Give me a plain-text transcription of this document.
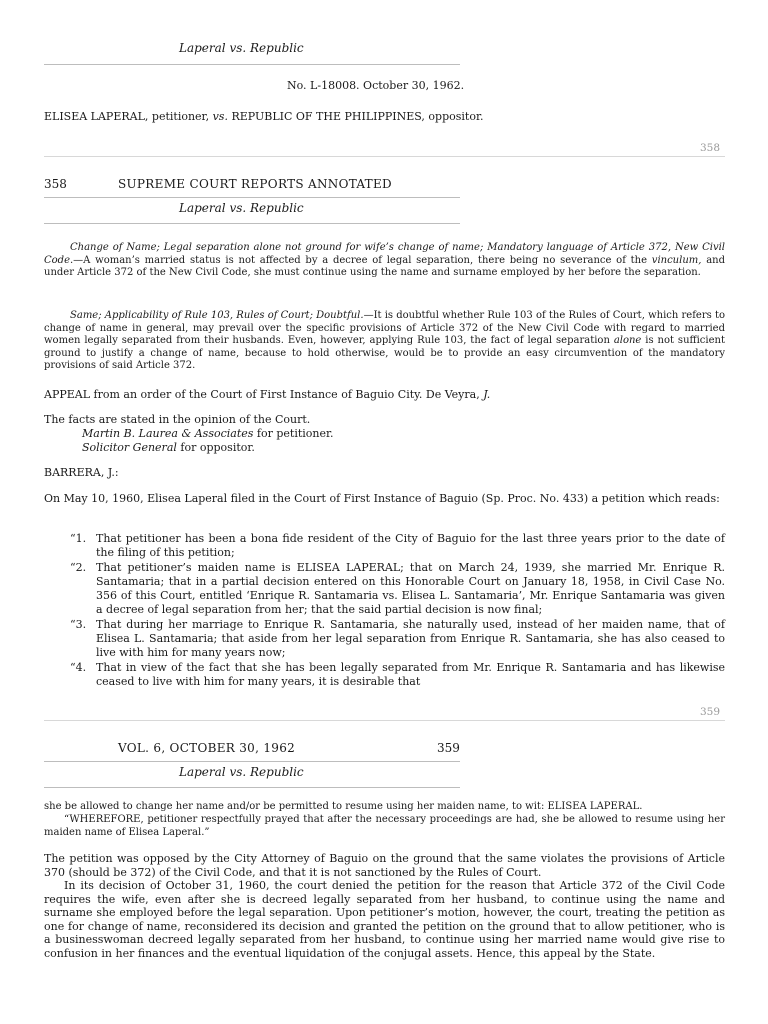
Laperal vs. Republic
No. L-18008. October 30, 1962.
ELISEA LAPERAL, petitioner, vs. REPUBLIC OF THE PHILIPPINES, oppositor.
358
358	SUPREME COURT REPORTS ANNOTATED
Laperal vs. Republic
Change of Name; Legal separation alone not ground for wife’s change of name; Mandatory language of Article 372, New Civil Code.—A woman’s married status is not affected by a decree of legal separation, there being no severance of the vinculum, and under Article 372 of the New Civil Code, she must continue using the name and surname employed by her before the separation.
Same; Applicability of Rule 103, Rules of Court; Doubtful.—It is doubtful whether Rule 103 of the Rules of Court, which refers to change of name in general, may prevail over the specific provisions of Article 372 of the New Civil Code with regard to married women legally separated from their husbands. Even, however, applying Rule 103, the fact of legal separation alone is not sufficient ground to justify a change of name, because to hold otherwise, would be to provide an easy circumvention of the mandatory provisions of said Article 372.
APPEAL from an order of the Court of First Instance of Baguio City. De Veyra, J.
The facts are stated in the opinion of the Court.
Martin B. Laurea & Associates for petitioner.
Solicitor General for oppositor.
BARRERA, J.:
On May 10, 1960, Elisea Laperal filed in the Court of First Instance of Baguio (Sp. Proc. No. 433) a petition which reads:
“1. That petitioner has been a bona fide resident of the City of Baguio for the last three years prior to the date of the filing of this petition;
“2. That petitioner’s maiden name is ELISEA LAPERAL; that on March 24, 1939, she married Mr. Enrique R. Santamaria; that in a partial decision entered on this Honorable Court on January 18, 1958, in Civil Case No. 356 of this Court, entitled ‘Enrique R. Santamaria vs. Elisea L. Santamaria’, Mr. Enrique Santamaria was given a decree of legal separation from her; that the said partial decision is now final;
“3. That during her marriage to Enrique R. Santamaria, she naturally used, instead of her maiden name, that of Elisea L. Santamaria; that aside from her legal separation from Enrique R. Santamaria, she has also ceased to live with him for many years now;
“4. That in view of the fact that she has been legally separated from Mr. Enrique R. Santamaria and has likewise ceased to live with him for many years, it is desirable that
359
VOL. 6, OCTOBER 30, 1962	359
Laperal vs. Republic
she be allowed to change her name and/or be permitted to resume using her maiden name, to wit: ELISEA LAPERAL.
“WHEREFORE, petitioner respectfully prayed that after the necessary proceedings are had, she be allowed to resume using her maiden name of Elisea Laperal.”
The petition was opposed by the City Attorney of Baguio on the ground that the same violates the provisions of Article 370 (should be 372) of the Civil Code, and that it is not sanctioned by the Rules of Court.
In its decision of October 31, 1960, the court denied the petition for the reason that Article 372 of the Civil Code requires the wife, even after she is decreed legally separated from her husband, to continue using the name and surname she employed before the legal separation. Upon petitioner’s motion, however, the court, treating the petition as one for change of name, reconsidered its decision and granted the petition on the ground that to allow petitioner, who is a businesswoman decreed legally separated from her husband, to continue using her married name would give rise to confusion in her finances and the eventual liquidation of the conjugal assets. Hence, this appeal by the State.
